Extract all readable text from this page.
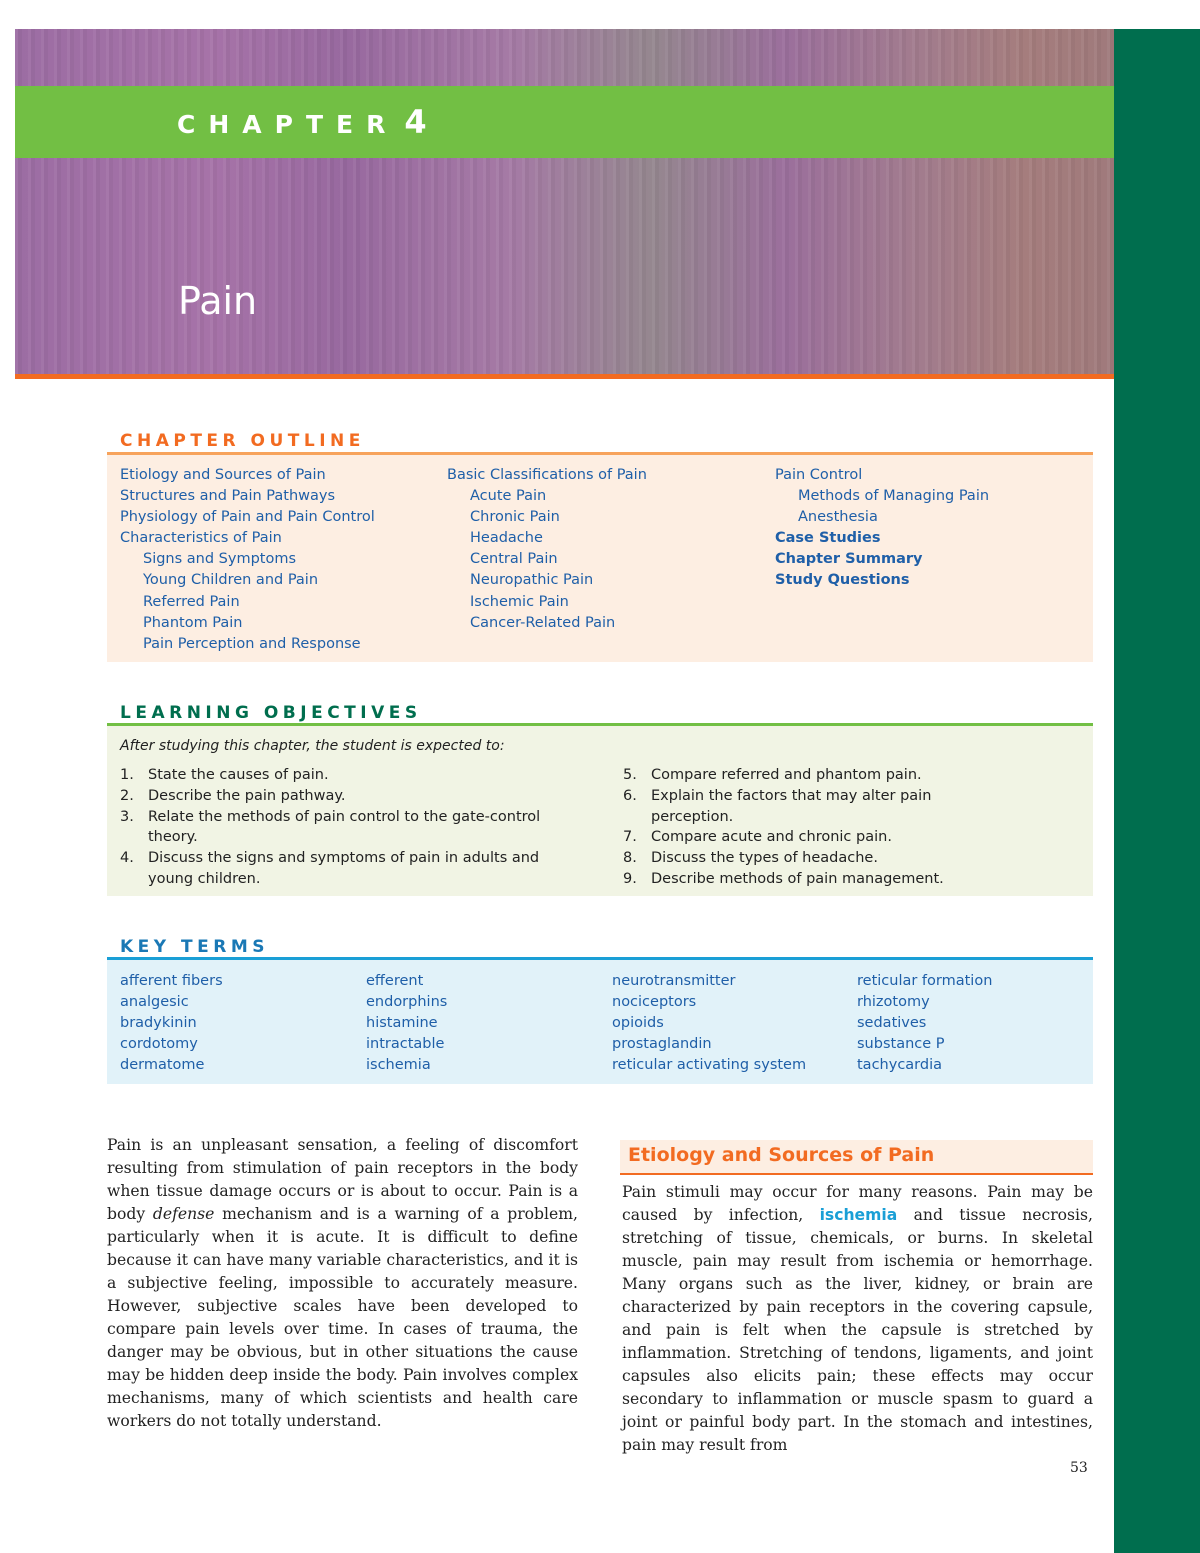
CHAPTER 4
Pain
CHAPTER OUTLINE
Etiology and Sources of Pain
Structures and Pain Pathways
Physiology of Pain and Pain Control
Characteristics of Pain
Signs and Symptoms
Young Children and Pain
Referred Pain
Phantom Pain
Pain Perception and Response
Basic Classifications of Pain
Acute Pain
Chronic Pain
Headache
Central Pain
Neuropathic Pain
Ischemic Pain
Cancer-Related Pain
Pain Control
Methods of Managing Pain
Anesthesia
Case Studies
Chapter Summary
Study Questions
LEARNING OBJECTIVES
After studying this chapter, the student is expected to:
1. State the causes of pain.
2. Describe the pain pathway.
3. Relate the methods of pain control to the gate-control theory.
4. Discuss the signs and symptoms of pain in adults and young children.
5. Compare referred and phantom pain.
6. Explain the factors that may alter pain perception.
7. Compare acute and chronic pain.
8. Discuss the types of headache.
9. Describe methods of pain management.
KEY TERMS
afferent fibers
analgesic
bradykinin
cordotomy
dermatome
efferent
endorphins
histamine
intractable
ischemia
neurotransmitter
nociceptors
opioids
prostaglandin
reticular activating system
reticular formation
rhizotomy
sedatives
substance P
tachycardia
Pain is an unpleasant sensation, a feeling of discomfort resulting from stimulation of pain receptors in the body when tissue damage occurs or is about to occur. Pain is a body defense mechanism and is a warning of a problem, particularly when it is acute. It is difficult to define because it can have many variable characteristics, and it is a subjective feeling, impossible to accurately measure. However, subjective scales have been developed to compare pain levels over time. In cases of trauma, the danger may be obvious, but in other situations the cause may be hidden deep inside the body. Pain involves complex mechanisms, many of which scientists and health care workers do not totally understand.
Etiology and Sources of Pain
Pain stimuli may occur for many reasons. Pain may be caused by infection, ischemia and tissue necrosis, stretching of tissue, chemicals, or burns. In skeletal muscle, pain may result from ischemia or hemorrhage. Many organs such as the liver, kidney, or brain are characterized by pain receptors in the covering capsule, and pain is felt when the capsule is stretched by inflammation. Stretching of tendons, ligaments, and joint capsules also elicits pain; these effects may occur secondary to inflammation or muscle spasm to guard a joint or painful body part. In the stomach and intestines, pain may result from
53
